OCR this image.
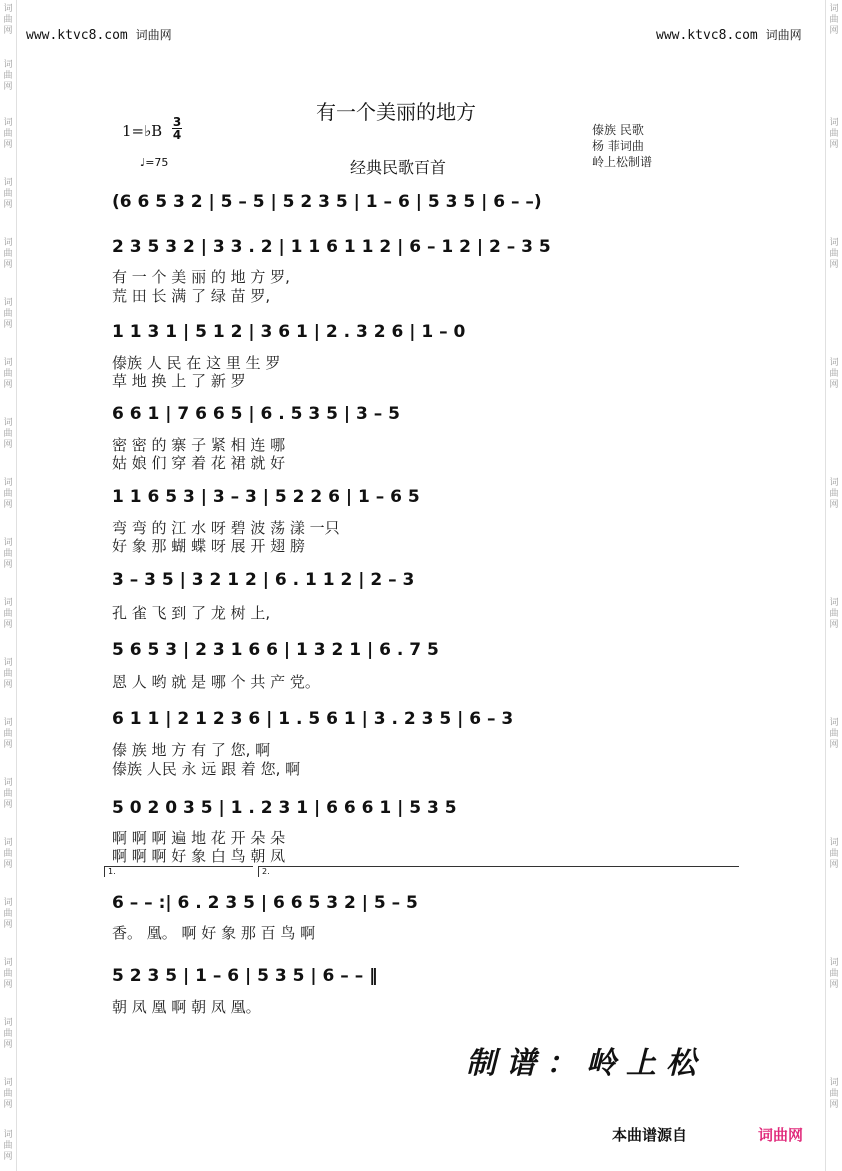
词
曲
网
词
曲
网
词
曲
网
词
曲
网
词
曲
网
词
曲
网
词
曲
网
词
曲
网
词
曲
网
词
曲
网
词
曲
网
词
曲
网
词
曲
网
词
曲
网
词
曲
网
词
曲
网
词
曲
网
词
曲
网
词
曲
网
词
曲
网
词
曲
网
词
曲
网
词
曲
网
词
曲
网
词
曲
网
词
曲
网
词
曲
网
词
曲
网
词
曲
网
词
曲
网
www.ktvc8.com 词曲网	www.ktvc8.com 词曲网
有一个美丽的地方
1=♭B 3
4
♩=75	经典民歌百首
傣族 民歌
杨 菲词曲
岭上松制谱
(6 6 5 3 2 | 5 – 5 | 5 2 3 5 | 1 – 6 | 5 3 5 | 6 – –)
2 3 5 3 2 | 3 3 . 2 | 1 1 6 1 1 2 | 6 – 1 2 | 2 – 3 5
有 一 个 美 丽 的 地 方 罗,
荒 田 长 满 了 绿 苗 罗,
1 1 3 1 | 5 1 2 | 3 6 1 | 2 . 3 2 6 | 1 – 0
傣族 人 民 在 这 里 生 罗
草 地 换 上 了 新 罗
6 6 1 | 7 6 6 5 | 6 . 5 3 5 | 3 – 5
密 密 的 寨 子 紧 相 连 哪
姑 娘 们 穿 着 花 裙 就 好
1 1 6 5 3 | 3 – 3 | 5 2 2 6 | 1 – 6 5
弯 弯 的 江 水 呀 碧 波 荡 漾 一只
好 象 那 蝴 蝶 呀 展 开 翅 膀
3 – 3 5 | 3 2 1 2 | 6 . 1 1 2 | 2 – 3
孔 雀 飞 到 了 龙 树 上,
5 6 5 3 | 2 3 1 6 6 | 1 3 2 1 | 6 . 7 5
恩 人 哟 就 是 哪 个 共 产 党。
6 1 1 | 2 1 2 3 6 | 1 . 5 6 1 | 3 . 2 3 5 | 6 – 3
傣 族 地 方 有 了 您, 啊
傣族 人民 永 远 跟 着 您, 啊
5 0 2 0 3 5 | 1 . 2 3 1 | 6 6 6 1 | 5 3 5
啊 啊 啊 遍 地 花 开 朵 朵
啊 啊 啊 好 象 白 鸟 朝 凤
1.	2.
6 – – :| 6 . 2 3 5 | 6 6 5 3 2 | 5 – 5
香。 凰。 啊 好 象 那 百 鸟 啊
5 2 3 5 | 1 – 6 | 5 3 5 | 6 – – ‖
朝 凤 凰 啊 朝 凤 凰。
制谱：岭上松
本曲谱源自	词曲网
